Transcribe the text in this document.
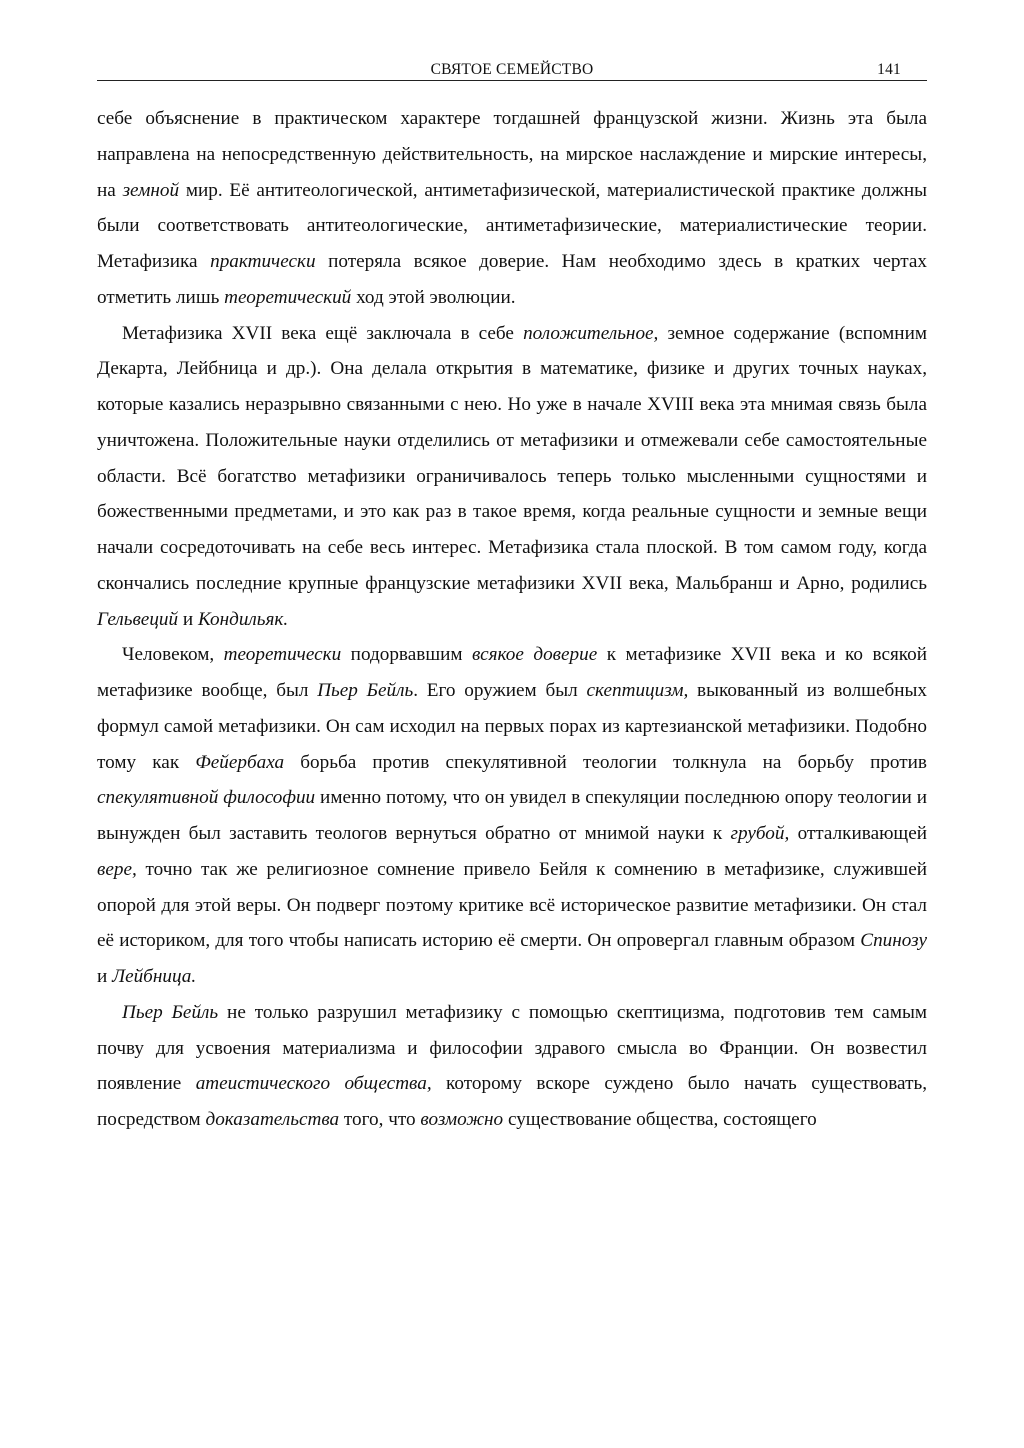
СВЯТОЕ СЕМЕЙСТВО	141

себе объяснение в практическом характере тогдашней французской жизни. Жизнь эта была направлена на непосредственную действительность, на мирское наслаждение и мирские интересы, на земной мир. Её антитеологической, антиметафизической, материалистической практике должны были соответствовать антитеологические, антиметафизические, материалистические теории. Метафизика практически потеряла всякое доверие. Нам необходимо здесь в кратких чертах отметить лишь теоретический ход этой эволюции.

Метафизика XVII века ещё заключала в себе положительное, земное содержание (вспомним Декарта, Лейбница и др.). Она делала открытия в математике, физике и других точных науках, которые казались неразрывно связанными с нею. Но уже в начале XVIII века эта мнимая связь была уничтожена. Положительные науки отделились от метафизики и отмежевали себе самостоятельные области. Всё богатство метафизики ограничивалось теперь только мысленными сущностями и божественными предметами, и это как раз в такое время, когда реальные сущности и земные вещи начали сосредоточивать на себе весь интерес. Метафизика стала плоской. В том самом году, когда скончались последние крупные французские метафизики XVII века, Мальбранш и Арно, родились Гельвеций и Кондильяк.

Человеком, теоретически подорвавшим всякое доверие к метафизике XVII века и ко всякой метафизике вообще, был Пьер Бейль. Его оружием был скептицизм, выкованный из волшебных формул самой метафизики. Он сам исходил на первых порах из картезианской метафизики. Подобно тому как Фейербаха борьба против спекулятивной теологии толкнула на борьбу против спекулятивной философии именно потому, что он увидел в спекуляции последнюю опору теологии и вынужден был заставить теологов вернуться обратно от мнимой науки к грубой, отталкивающей вере, точно так же религиозное сомнение привело Бейля к сомнению в метафизике, служившей опорой для этой веры. Он подверг поэтому критике всё историческое развитие метафизики. Он стал её историком, для того чтобы написать историю её смерти. Он опровергал главным образом Спинозу и Лейбница.

Пьер Бейль не только разрушил метафизику с помощью скептицизма, подготовив тем самым почву для усвоения материализма и философии здравого смысла во Франции. Он возвестил появление атеистического общества, которому вскоре суждено было начать существовать, посредством доказательства того, что возможно существование общества, состоящего
